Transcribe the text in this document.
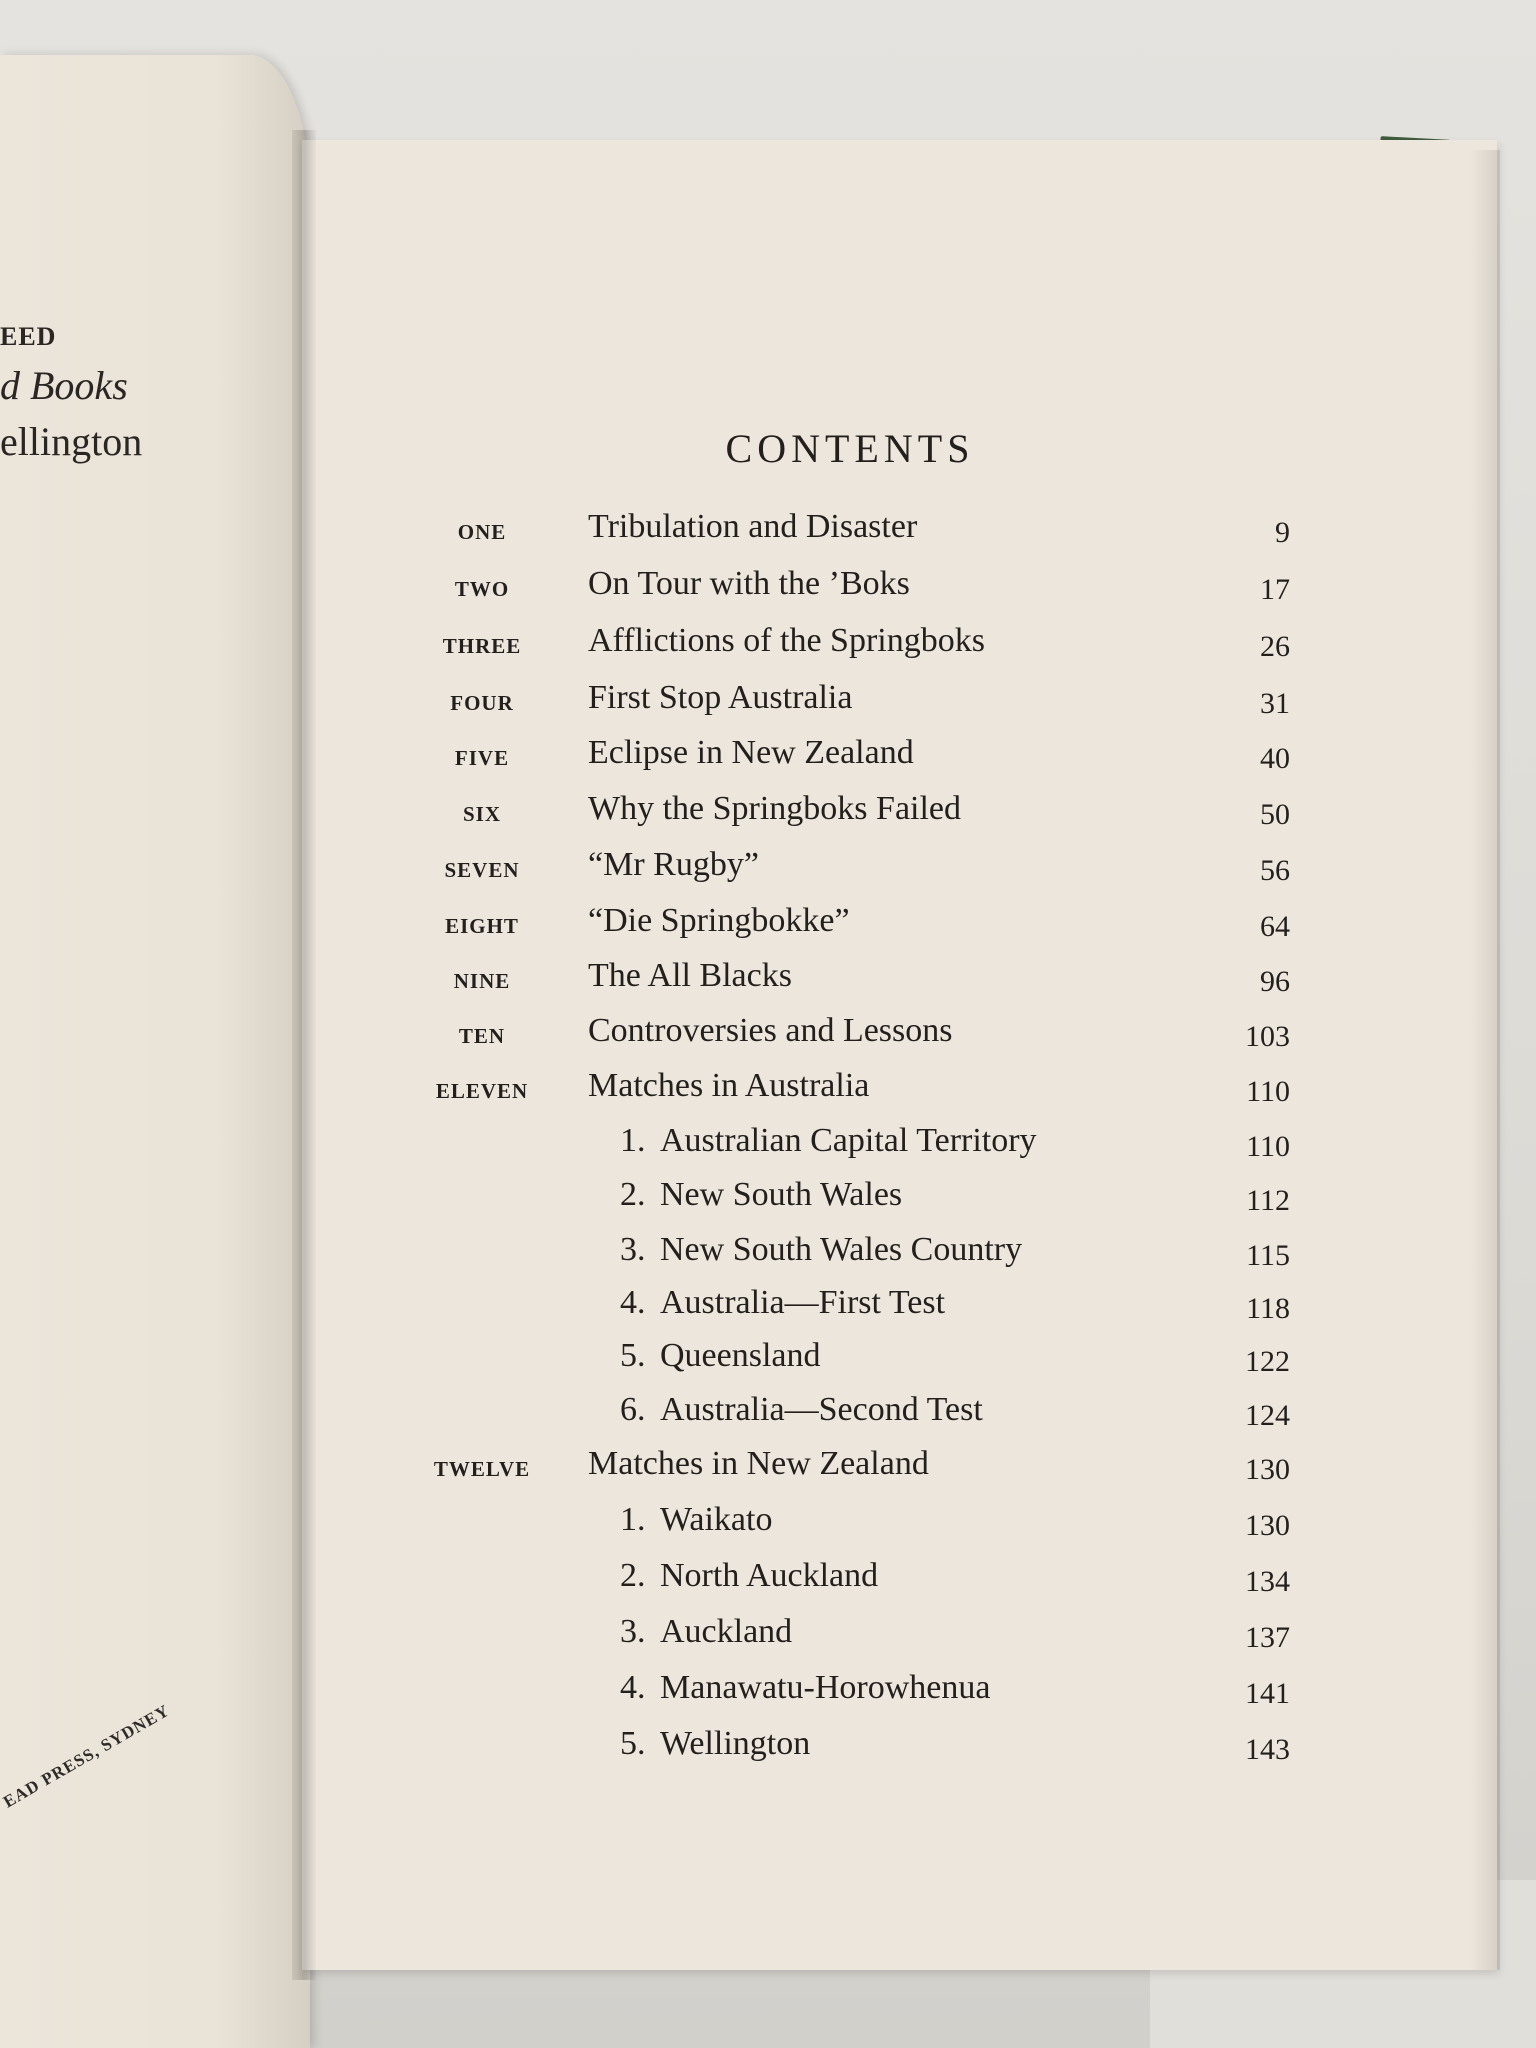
EED
d Books
ellington
EAD PRESS, SYDNEY
CONTENTS
ONE	Tribulation and Disaster	9
TWO	On Tour with the ’Boks	17
THREE	Afflictions of the Springboks	26
FOUR	First Stop Australia	31
FIVE	Eclipse in New Zealand	40
SIX	Why the Springboks Failed	50
SEVEN	“Mr Rugby”	56
EIGHT	“Die Springbokke”	64
NINE	The All Blacks	96
TEN	Controversies and Lessons	103
ELEVEN	Matches in Australia	110
1. Australian Capital Territory	110
2. New South Wales	112
3. New South Wales Country	115
4. Australia—First Test	118
5. Queensland	122
6. Australia—Second Test	124
TWELVE	Matches in New Zealand	130
1. Waikato	130
2. North Auckland	134
3. Auckland	137
4. Manawatu-Horowhenua	141
5. Wellington	143
